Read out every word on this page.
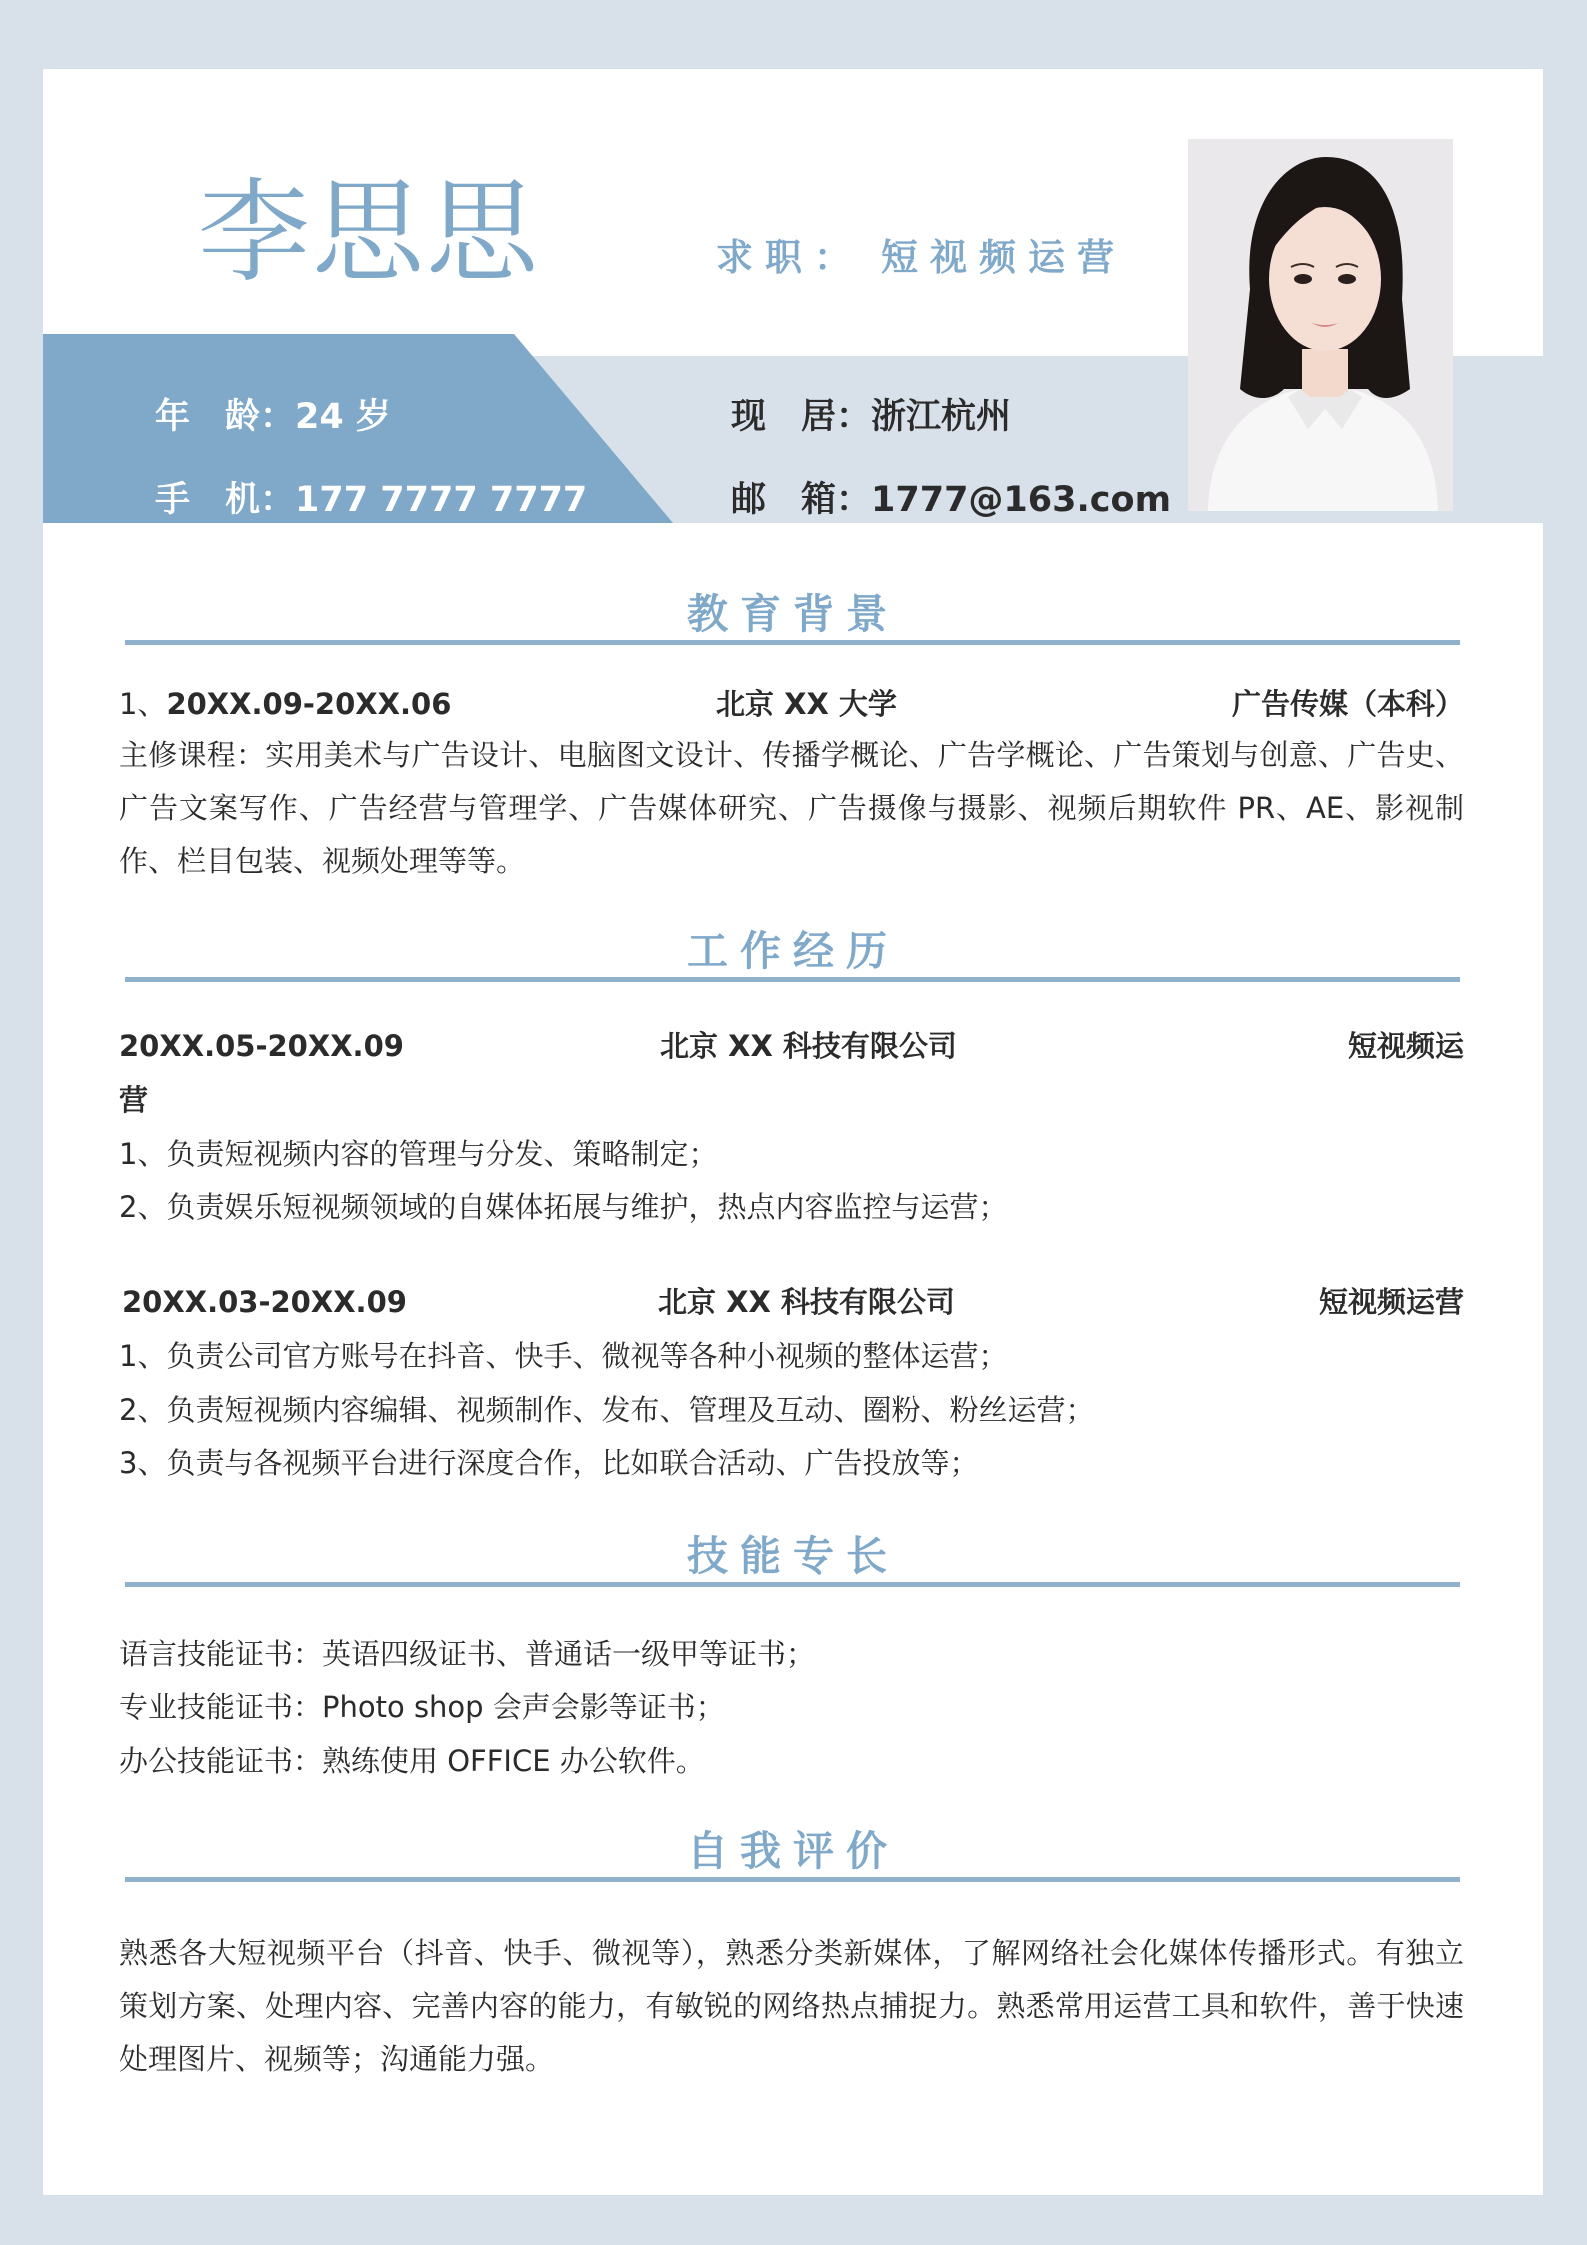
李思思	求职： 短视频运营
年　龄：24 岁
手　机：177 7777 7777
现　居：浙江杭州
邮　箱：1777@163.com
教育背景
1、20XX.09-20XX.06	北京 XX 大学	广告传媒（本科）
主修课程：实用美术与广告设计、电脑图文设计、传播学概论、广告学概论、广告策划与创意、广告史、广告文案写作、广告经营与管理学、广告媒体研究、广告摄像与摄影、视频后期软件 PR、AE、影视制作、栏目包装、视频处理等等。
工作经历
20XX.05-20XX.09	北京 XX 科技有限公司	短视频运
营
1、负责短视频内容的管理与分发、策略制定；
2、负责娱乐短视频领域的自媒体拓展与维护，热点内容监控与运营；
20XX.03-20XX.09	北京 XX 科技有限公司	短视频运营
1、负责公司官方账号在抖音、快手、微视等各种小视频的整体运营；
2、负责短视频内容编辑、视频制作、发布、管理及互动、圈粉、粉丝运营；
3、负责与各视频平台进行深度合作，比如联合活动、广告投放等；
技能专长
语言技能证书：英语四级证书、普通话一级甲等证书；
专业技能证书：Photo shop 会声会影等证书；
办公技能证书：熟练使用 OFFICE 办公软件。
自我评价
熟悉各大短视频平台（抖音、快手、微视等），熟悉分类新媒体，了解网络社会化媒体传播形式。有独立策划方案、处理内容、完善内容的能力，有敏锐的网络热点捕捉力。熟悉常用运营工具和软件，善于快速处理图片、视频等；沟通能力强。
